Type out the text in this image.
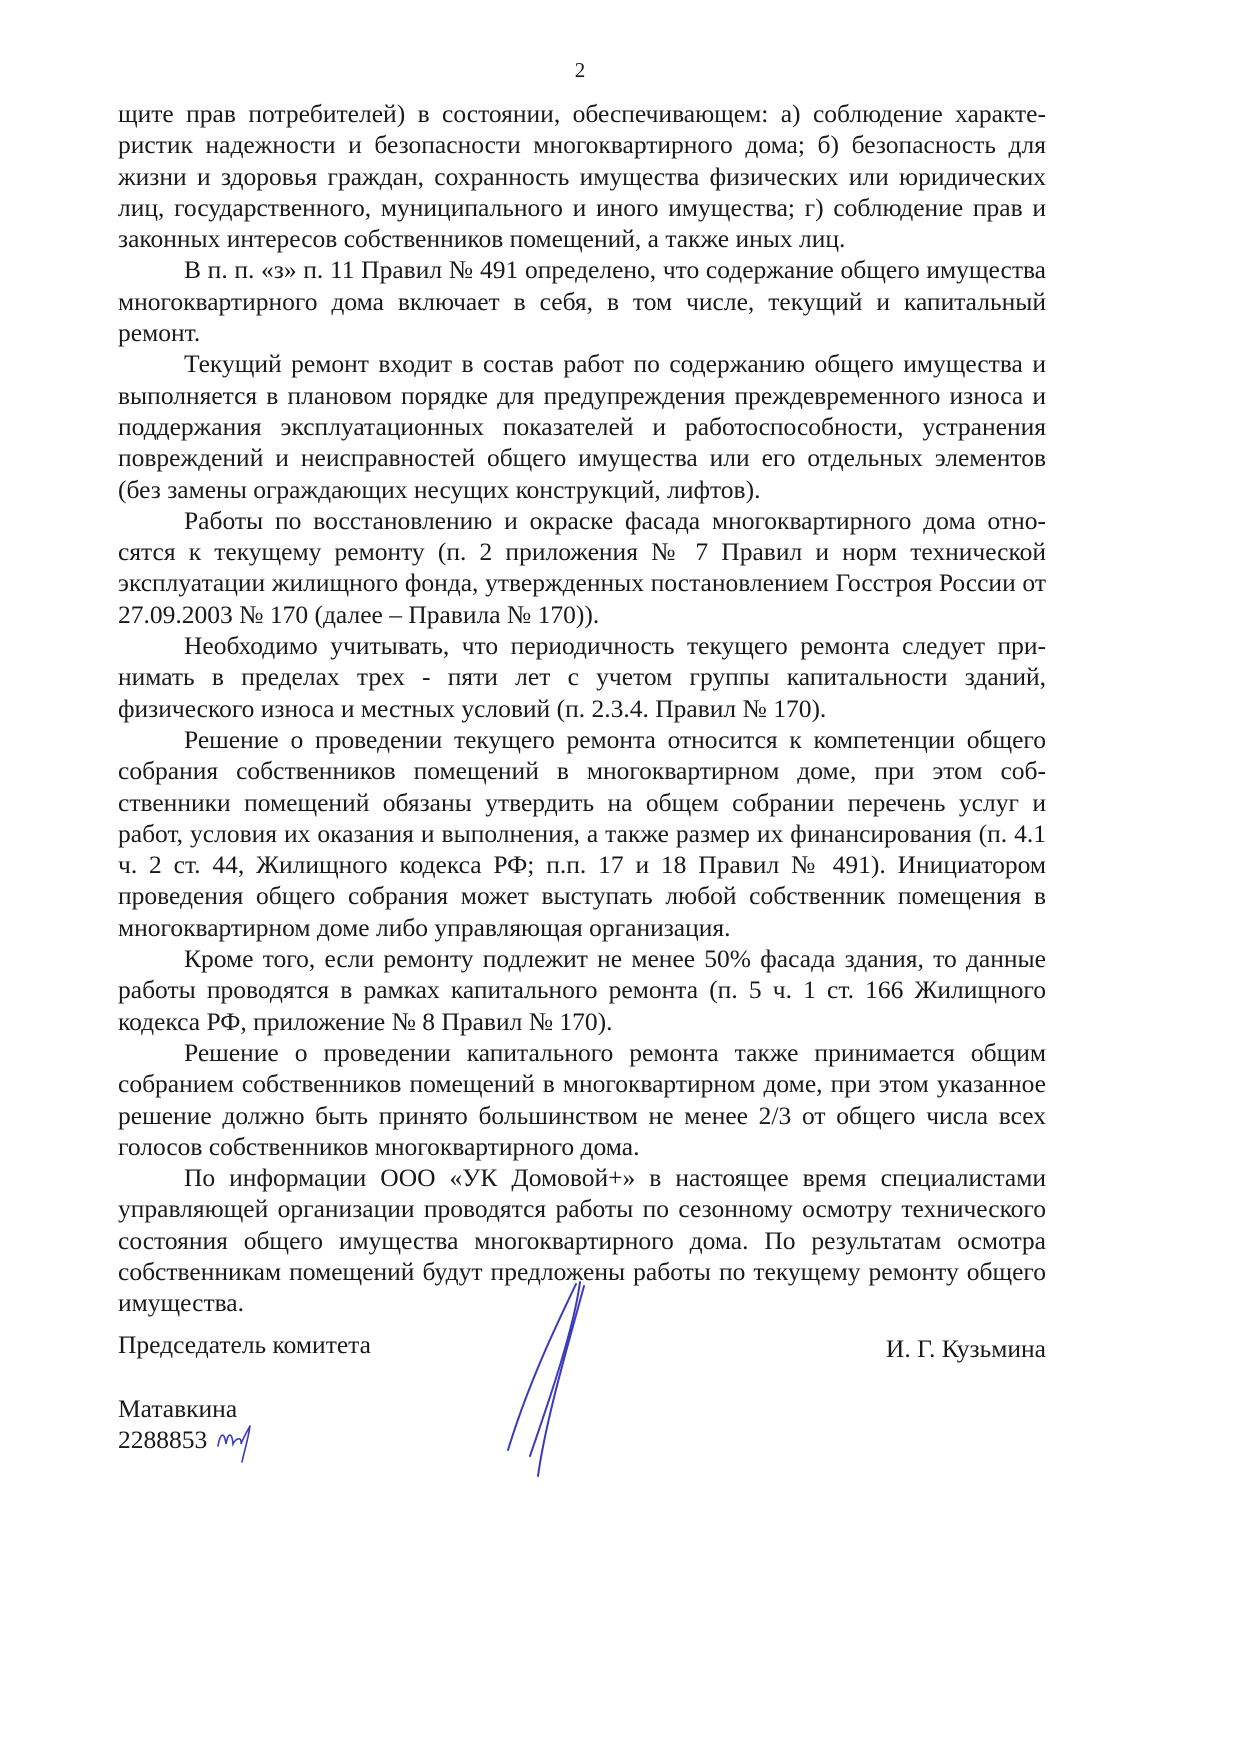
2

щите прав потребителей) в состоянии, обеспечивающем: а) соблюдение характеристик надежности и безопасности многоквартирного дома; б) безопасность для жизни и здоровья граждан, сохранность имущества физических или юридических лиц, государственного, муниципального и иного имущества; г) соблюдение прав и законных интересов собственников помещений, а также иных лиц.

В п. п. «з» п. 11 Правил № 491 определено, что содержание общего имущества многоквартирного дома включает в себя, в том числе, текущий и капитальный ремонт.

Текущий ремонт входит в состав работ по содержанию общего имущества и выполняется в плановом порядке для предупреждения преждевременного износа и поддержания эксплуатационных показателей и работоспособности, устранения повреждений и неисправностей общего имущества или его отдельных элементов (без замены ограждающих несущих конструкций, лифтов).

Работы по восстановлению и окраске фасада многоквартирного дома относятся к текущему ремонту (п. 2 приложения № 7 Правил и норм технической эксплуатации жилищного фонда, утвержденных постановлением Госстроя России от 27.09.2003 № 170 (далее – Правила № 170)).

Необходимо учитывать, что периодичность текущего ремонта следует принимать в пределах трех - пяти лет с учетом группы капитальности зданий, физического износа и местных условий (п. 2.3.4. Правил № 170).

Решение о проведении текущего ремонта относится к компетенции общего собрания собственников помещений в многоквартирном доме, при этом собственники помещений обязаны утвердить на общем собрании перечень услуг и работ, условия их оказания и выполнения, а также размер их финансирования (п. 4.1 ч. 2 ст. 44, Жилищного кодекса РФ; п.п. 17 и 18 Правил № 491). Инициатором проведения общего собрания может выступать любой собственник помещения в многоквартирном доме либо управляющая организация.

Кроме того, если ремонту подлежит не менее 50% фасада здания, то данные работы проводятся в рамках капитального ремонта (п. 5 ч. 1 ст. 166 Жилищного кодекса РФ, приложение № 8 Правил № 170).

Решение о проведении капитального ремонта также принимается общим собранием собственников помещений в многоквартирном доме, при этом указанное решение должно быть принято большинством не менее 2/3 от общего числа всех голосов собственников многоквартирного дома.

По информации ООО «УК Домовой+» в настоящее время специалистами управляющей организации проводятся работы по сезонному осмотру технического состояния общего имущества многоквартирного дома. По результатам осмотра собственникам помещений будут предложены работы по текущему ремонту общего имущества.

Председатель комитета	И. Г. Кузьмина
Матавкина
2288853
